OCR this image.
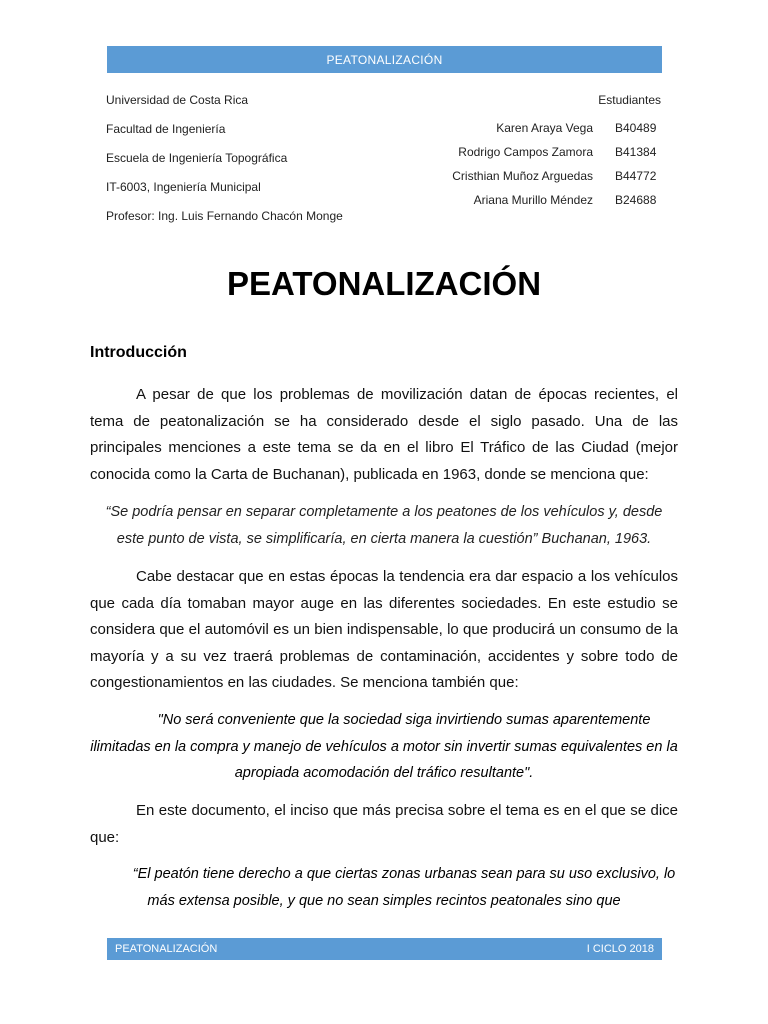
PEATONALIZACIÓN
Universidad de Costa Rica
Facultad de Ingeniería
Escuela de Ingeniería Topográfica
IT-6003, Ingeniería Municipal
Profesor: Ing. Luis Fernando Chacón Monge
Estudiantes
Karen Araya Vega B40489
Rodrigo Campos Zamora B41384
Cristhian Muñoz Arguedas B44772
Ariana Murillo Méndez B24688
PEATONALIZACIÓN
Introducción

A pesar de que los problemas de movilización datan de épocas recientes, el tema de peatonalización se ha considerado desde el siglo pasado. Una de las principales menciones a este tema se da en el libro El Tráfico de las Ciudad (mejor conocida como la Carta de Buchanan), publicada en 1963, donde se menciona que:

“Se podría pensar en separar completamente a los peatones de los vehículos y, desde este punto de vista, se simplificaría, en cierta manera la cuestión” Buchanan, 1963.

Cabe destacar que en estas épocas la tendencia era dar espacio a los vehículos que cada día tomaban mayor auge en las diferentes sociedades. En este estudio se considera que el automóvil es un bien indispensable, lo que producirá un consumo de la mayoría y a su vez traerá problemas de contaminación, accidentes y sobre todo de congestionamientos en las ciudades. Se menciona también que:

"No será conveniente que la sociedad siga invirtiendo sumas aparentemente ilimitadas en la compra y manejo de vehículos a motor sin invertir sumas equivalentes en la apropiada acomodación del tráfico resultante".

En este documento, el inciso que más precisa sobre el tema es en el que se dice que:

“El peatón tiene derecho a que ciertas zonas urbanas sean para su uso exclusivo, lo más extensa posible, y que no sean simples recintos peatonales sino que

PEATONALIZACIÓN	I CICLO 2018
